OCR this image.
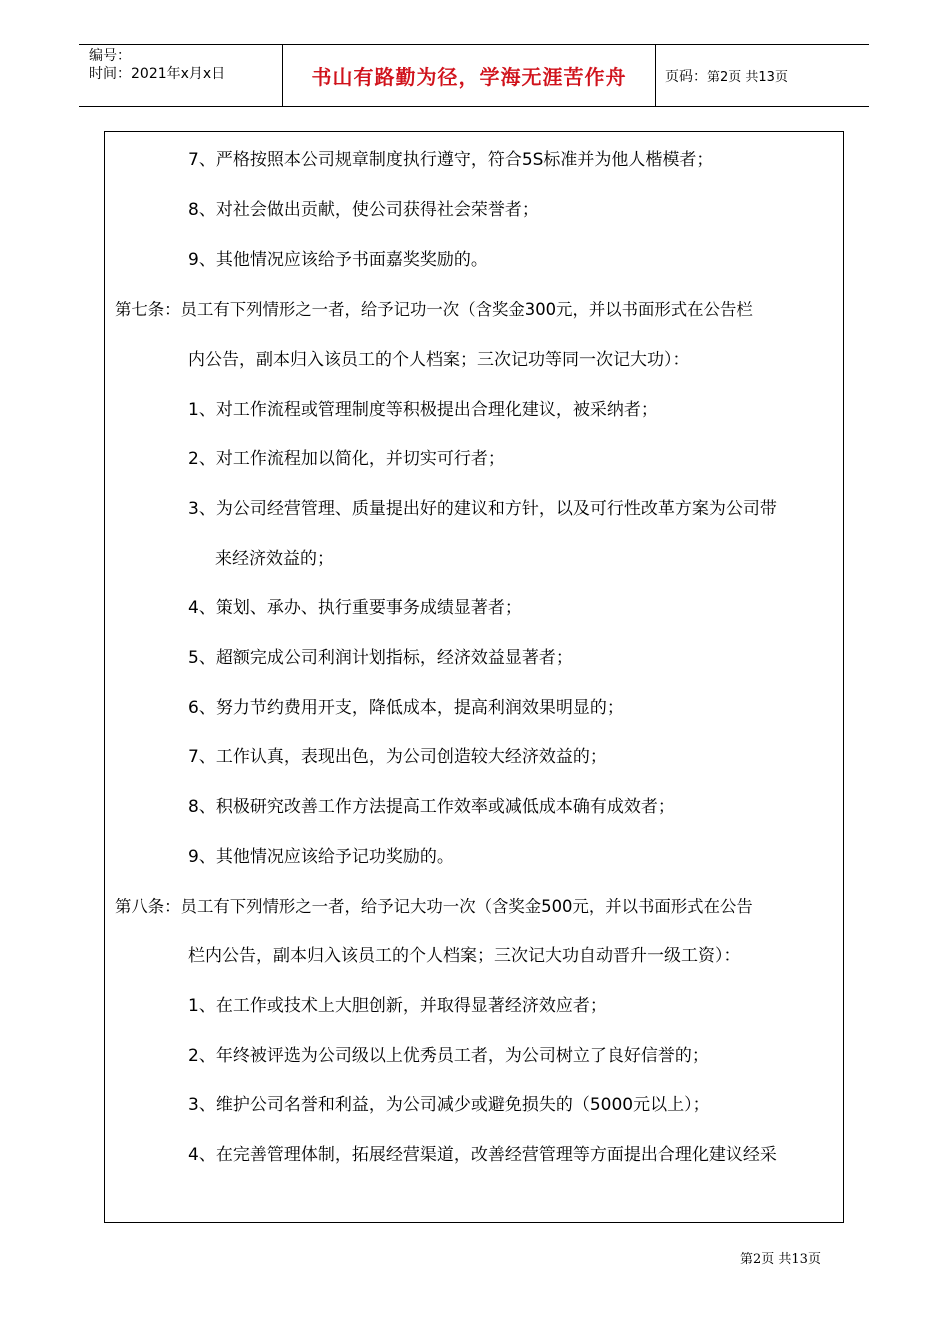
编号：
时间：2021年x月x日	书山有路勤为径，学海无涯苦作舟	页码： 第2页 共13页
7、严格按照本公司规章制度执行遵守，符合5S标准并为他人楷模者；
8、对社会做出贡献，使公司获得社会荣誉者；
9、其他情况应该给予书面嘉奖奖励的。
第七条：员工有下列情形之一者，给予记功一次（含奖金300元，并以书面形式在公告栏
内公告，副本归入该员工的个人档案；三次记功等同一次记大功）：
1、对工作流程或管理制度等积极提出合理化建议，被采纳者；
2、对工作流程加以简化，并切实可行者；
3、为公司经营管理、质量提出好的建议和方针，以及可行性改革方案为公司带
来经济效益的；
4、策划、承办、执行重要事务成绩显著者；
5、超额完成公司利润计划指标，经济效益显著者；
6、努力节约费用开支，降低成本，提高利润效果明显的；
7、工作认真，表现出色，为公司创造较大经济效益的；
8、积极研究改善工作方法提高工作效率或减低成本确有成效者；
9、其他情况应该给予记功奖励的。
第八条：员工有下列情形之一者，给予记大功一次（含奖金500元，并以书面形式在公告
栏内公告，副本归入该员工的个人档案；三次记大功自动晋升一级工资）：
1、在工作或技术上大胆创新，并取得显著经济效应者；
2、年终被评选为公司级以上优秀员工者，为公司树立了良好信誉的；
3、维护公司名誉和利益，为公司减少或避免损失的（5000元以上）；
4、在完善管理体制，拓展经营渠道，改善经营管理等方面提出合理化建议经采
第2页 共13页
